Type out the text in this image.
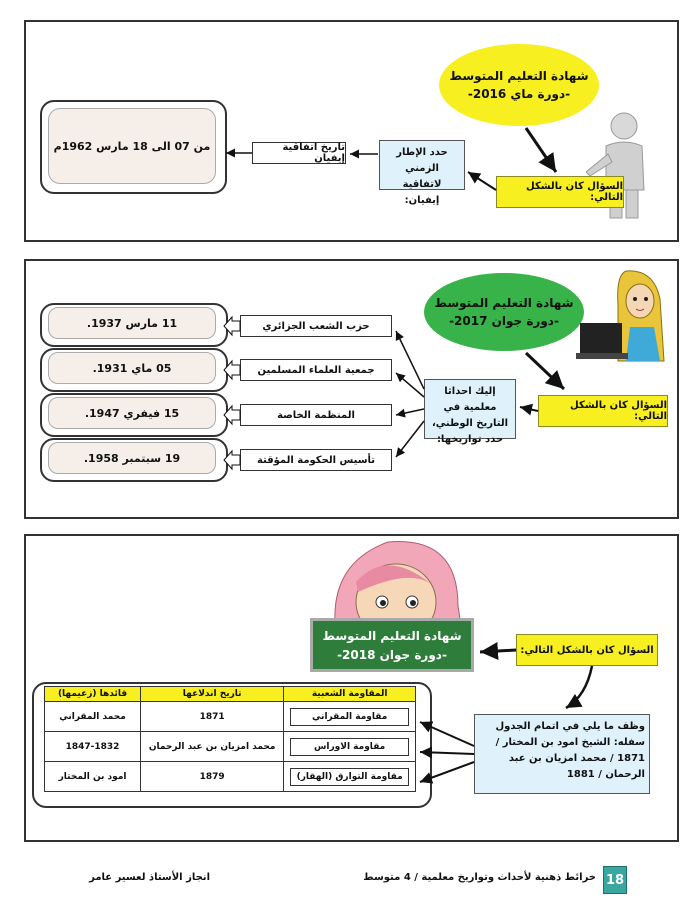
شهادة التعليم المتوسط
-دورة ماي 2016-
السؤال كان بالشكل التالي:
حدد الإطار الزمني لاتفاقية إيفيان:
تاريخ اتفاقية إيفيان
من 07 الى 18 مارس 1962م
شهادة التعليم المتوسط
-دورة جوان 2017-
السؤال كان بالشكل التالي:
إليك احداثا معلمية في التاريخ الوطني، حدد تواريخها:
حزب الشعب الجزائري
جمعية العلماء المسلمين
المنظمة الخاصة
تأسيس الحكومة المؤقتة
11 مارس 1937.
05 ماي 1931.
15 فيفري 1947.
19 سبتمبر 1958.
شهادة التعليم المتوسط
-دورة جوان 2018-	السؤال كان بالشكل التالي:
وظف ما يلي في اتمام الجدول سفله: الشيخ امود بن المختار / 1871 / محمد امزيان بن عبد الرحمان / 1881
المقاومة الشعبية	تاريخ اندلاعها	قائدها (زعيمها)

مقاومة المقراني	1871	محمد المقراني

مقاومة الاوراس	محمد امزيان بن عبد الرحمان	1847-1832

مقاومة التوارق (الهقار)	1879	امود بن المختار
18
خرائط ذهنية لأحداث وتواريخ معلمية / 4 متوسط
انجاز الأستاذ لعسير عامر
